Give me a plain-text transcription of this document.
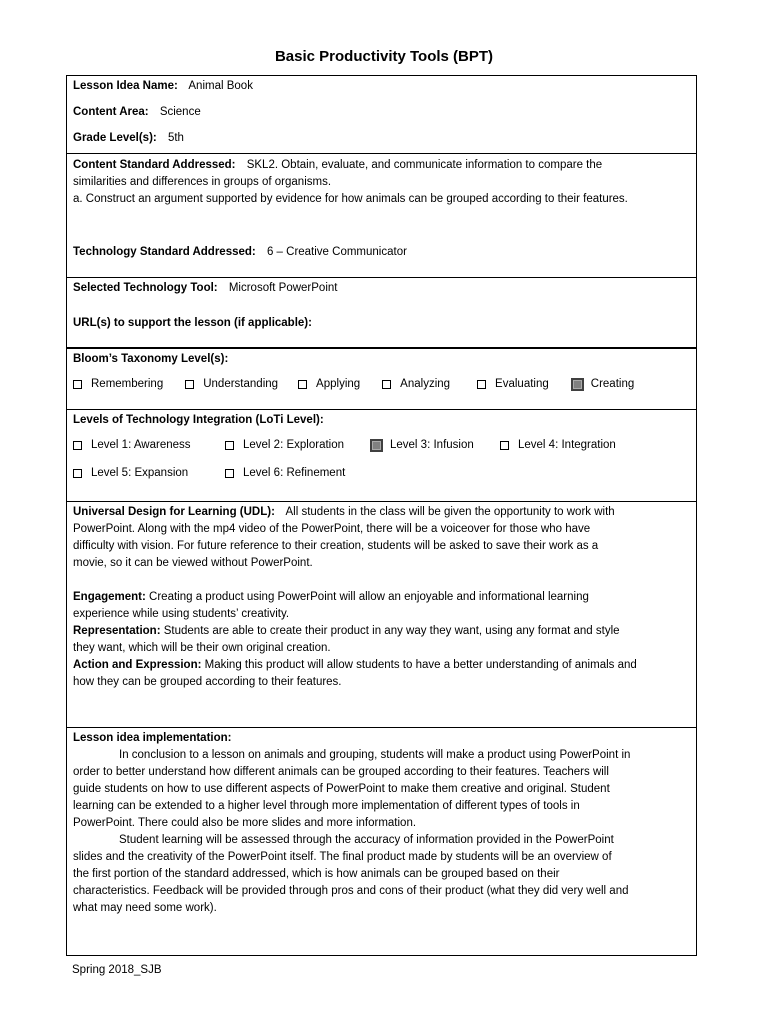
Basic Productivity Tools (BPT)
Lesson Idea Name: Animal Book
Content Area: Science
Grade Level(s): 5th
Content Standard Addressed: SKL2. Obtain, evaluate, and communicate information to compare the
similarities and differences in groups of organisms.
a. Construct an argument supported by evidence for how animals can be grouped according to their features.
Technology Standard Addressed: 6 – Creative Communicator
Selected Technology Tool: Microsoft PowerPoint
URL(s) to support the lesson (if applicable):
Bloom’s Taxonomy Level(s):
Remembering	Understanding	Applying	Analyzing	Evaluating	Creating
Levels of Technology Integration (LoTi Level):
Level 1: Awareness	Level 2: Exploration	Level 3: Infusion	Level 4: Integration
Level 5: Expansion	Level 6: Refinement
Universal Design for Learning (UDL): All students in the class will be given the opportunity to work with
PowerPoint. Along with the mp4 video of the PowerPoint, there will be a voiceover for those who have
difficulty with vision. For future reference to their creation, students will be asked to save their work as a
movie, so it can be viewed without PowerPoint.
Engagement: Creating a product using PowerPoint will allow an enjoyable and informational learning
experience while using students’ creativity.
Representation: Students are able to create their product in any way they want, using any format and style
they want, which will be their own original creation.
Action and Expression: Making this product will allow students to have a better understanding of animals and
how they can be grouped according to their features.
Lesson idea implementation:
In conclusion to a lesson on animals and grouping, students will make a product using PowerPoint in
order to better understand how different animals can be grouped according to their features. Teachers will
guide students on how to use different aspects of PowerPoint to make them creative and original. Student
learning can be extended to a higher level through more implementation of different types of tools in
PowerPoint. There could also be more slides and more information.
Student learning will be assessed through the accuracy of information provided in the PowerPoint
slides and the creativity of the PowerPoint itself. The final product made by students will be an overview of
the first portion of the standard addressed, which is how animals can be grouped based on their
characteristics. Feedback will be provided through pros and cons of their product (what they did very well and
what may need some work).
Spring 2018_SJB
